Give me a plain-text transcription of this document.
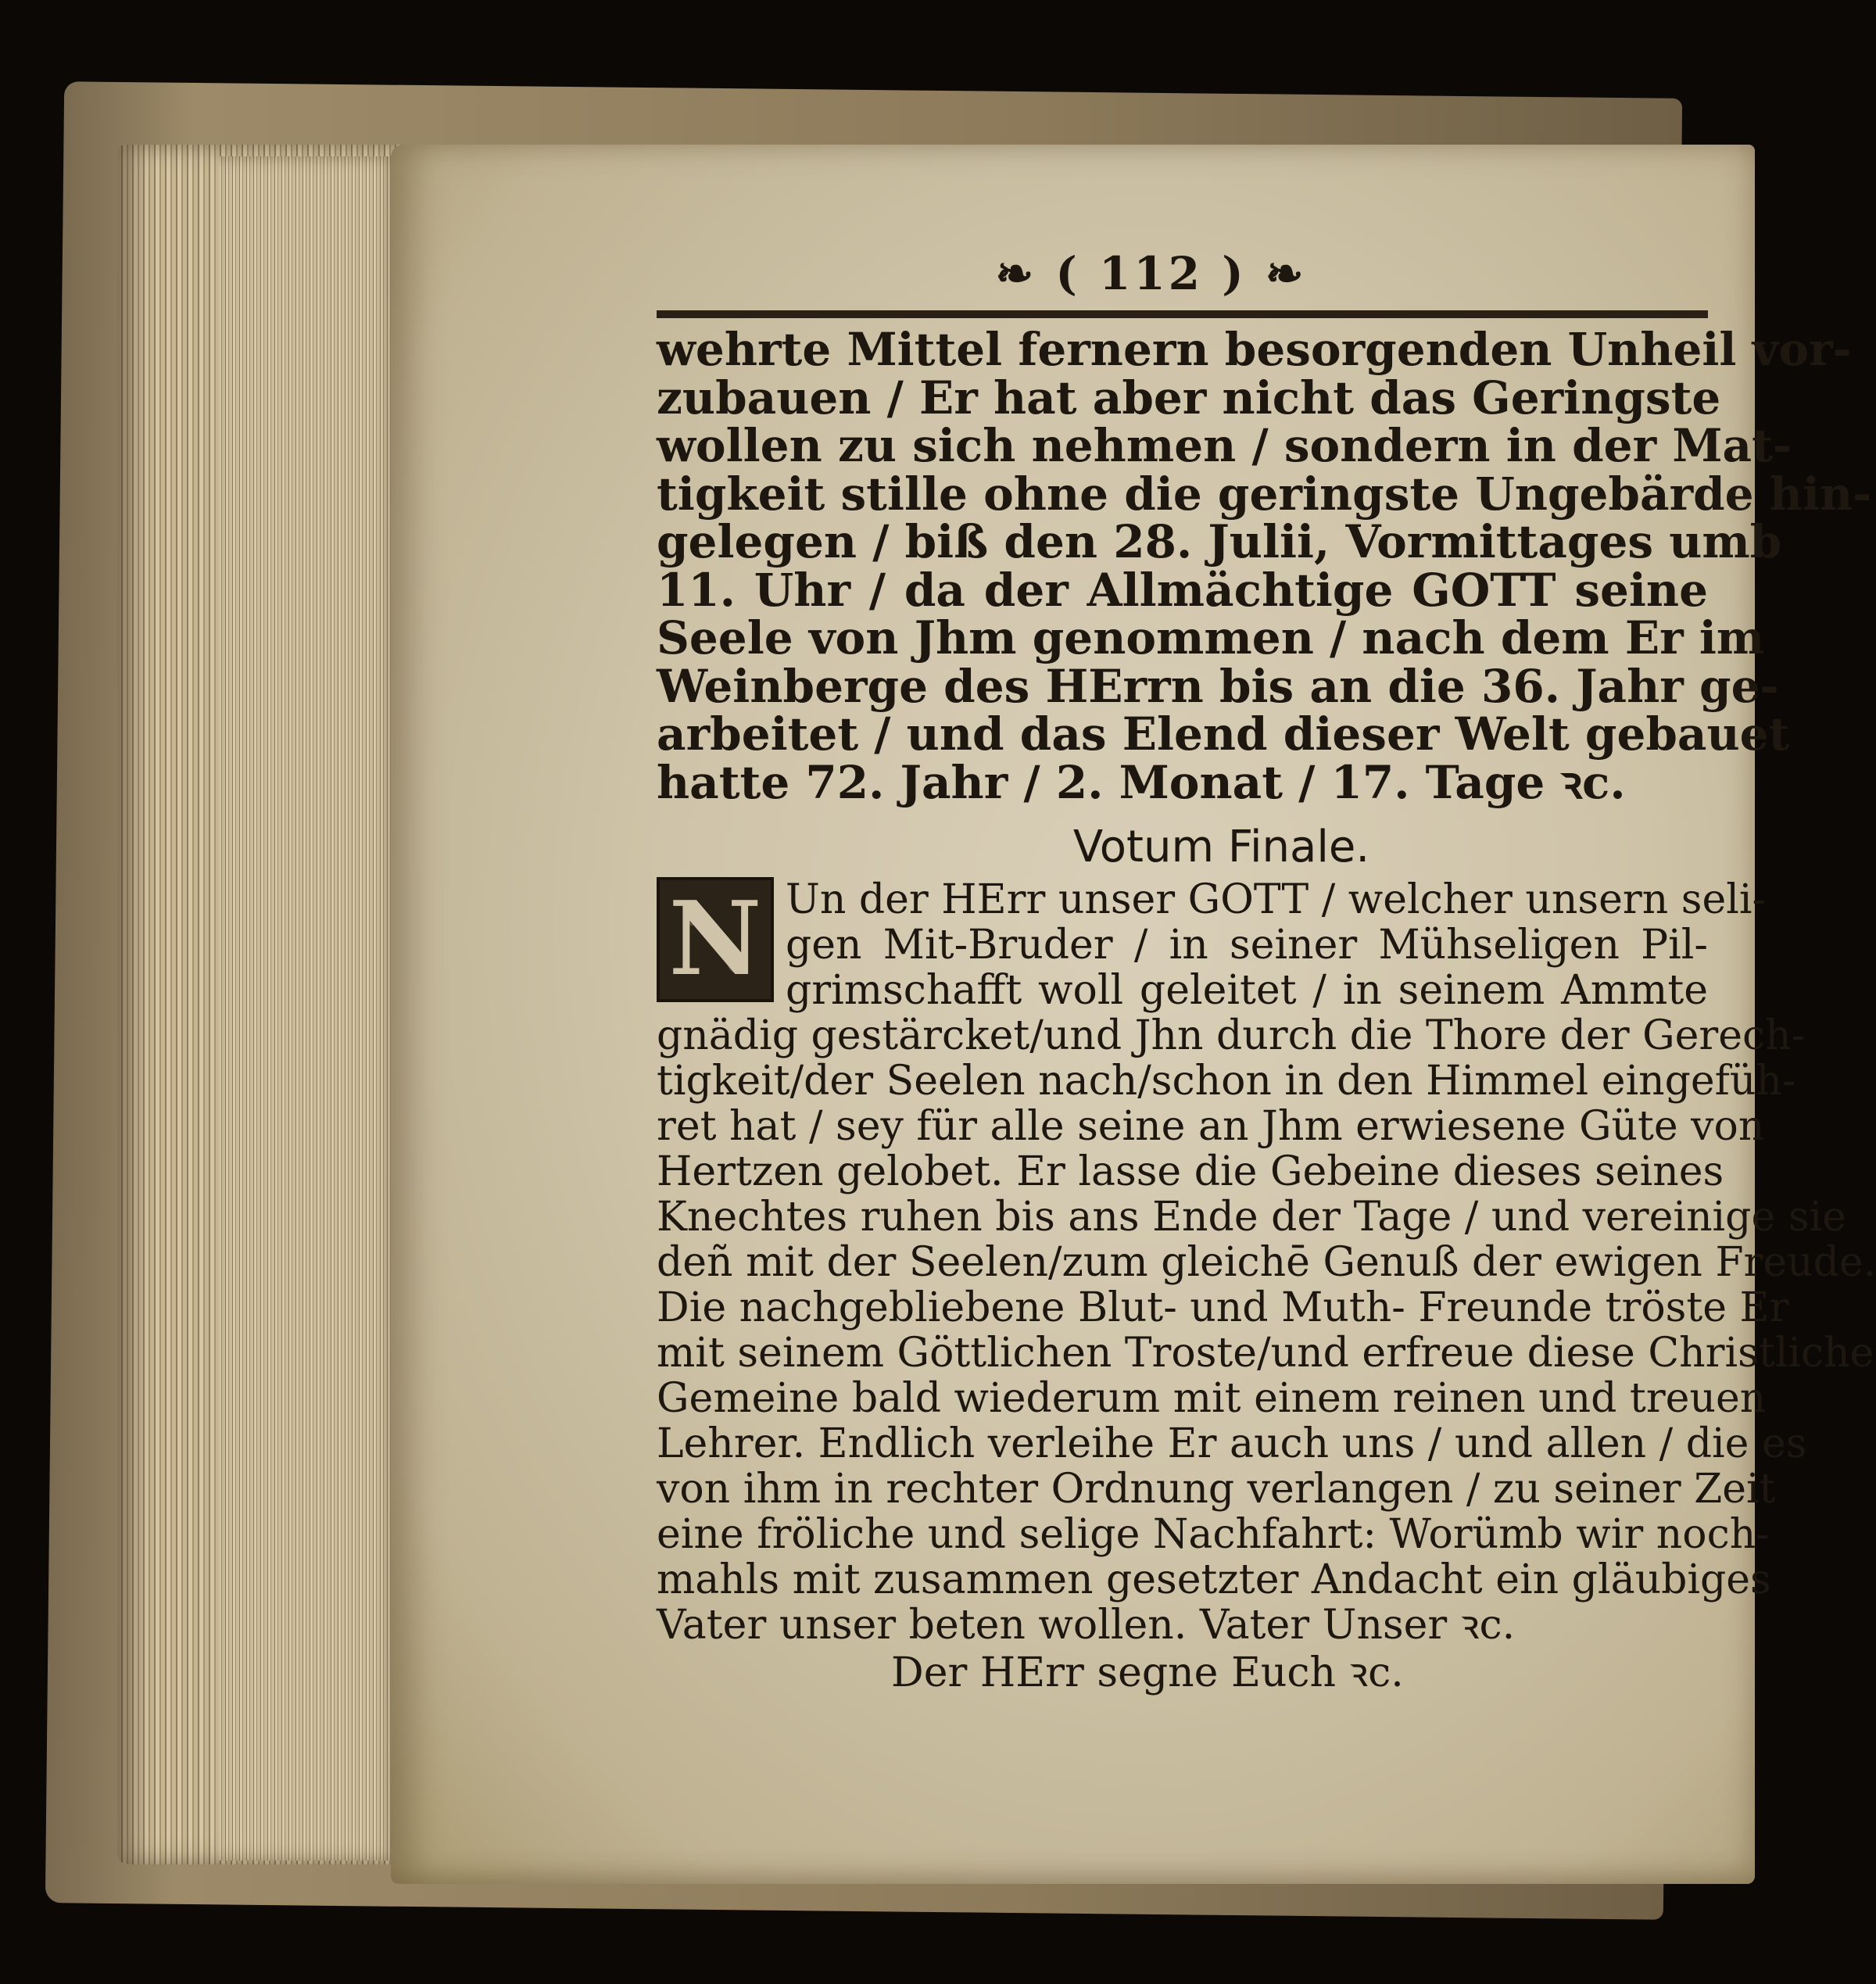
❧ ( 112 ) ❧
wehrte Mittel fernern besorgenden Unheil vor-
zubauen / Er hat aber nicht das Geringste
wollen zu sich nehmen / sondern in der Mat-
tigkeit stille ohne die geringste Ungebärde hin-
gelegen / biß den 28. Julii, Vormittages umb
11. Uhr / da der Allmächtige GOTT seine
Seele von Jhm genommen / nach dem Er im
Weinberge des HErrn bis an die 36. Jahr ge-
arbeitet / und das Elend dieser Welt gebauet
hatte 72. Jahr / 2. Monat / 17. Tage ꝛc.
Votum Finale.
N Un der HErr unser GOTT / welcher unsern seli-
gen Mit-Bruder / in seiner Mühseligen Pil-
grimschafft woll geleitet / in seinem Ammte
gnädig gestärcket/und Jhn durch die Thore der Gerech-
tigkeit/der Seelen nach/schon in den Himmel eingefüh-
ret hat / sey für alle seine an Jhm erwiesene Güte von
Hertzen gelobet. Er lasse die Gebeine dieses seines
Knechtes ruhen bis ans Ende der Tage / und vereinige sie
deñ mit der Seelen/zum gleichē Genuß der ewigen Freude.
Die nachgebliebene Blut- und Muth- Freunde tröste Er
mit seinem Göttlichen Troste/und erfreue diese Christliche
Gemeine bald wiederum mit einem reinen und treuen
Lehrer. Endlich verleihe Er auch uns / und allen / die es
von ihm in rechter Ordnung verlangen / zu seiner Zeit
eine fröliche und selige Nachfahrt: Worümb wir noch-
mahls mit zusammen gesetzter Andacht ein gläubiges
Vater unser beten wollen. Vater Unser ꝛc.
Der HErr segne Euch ꝛc.
